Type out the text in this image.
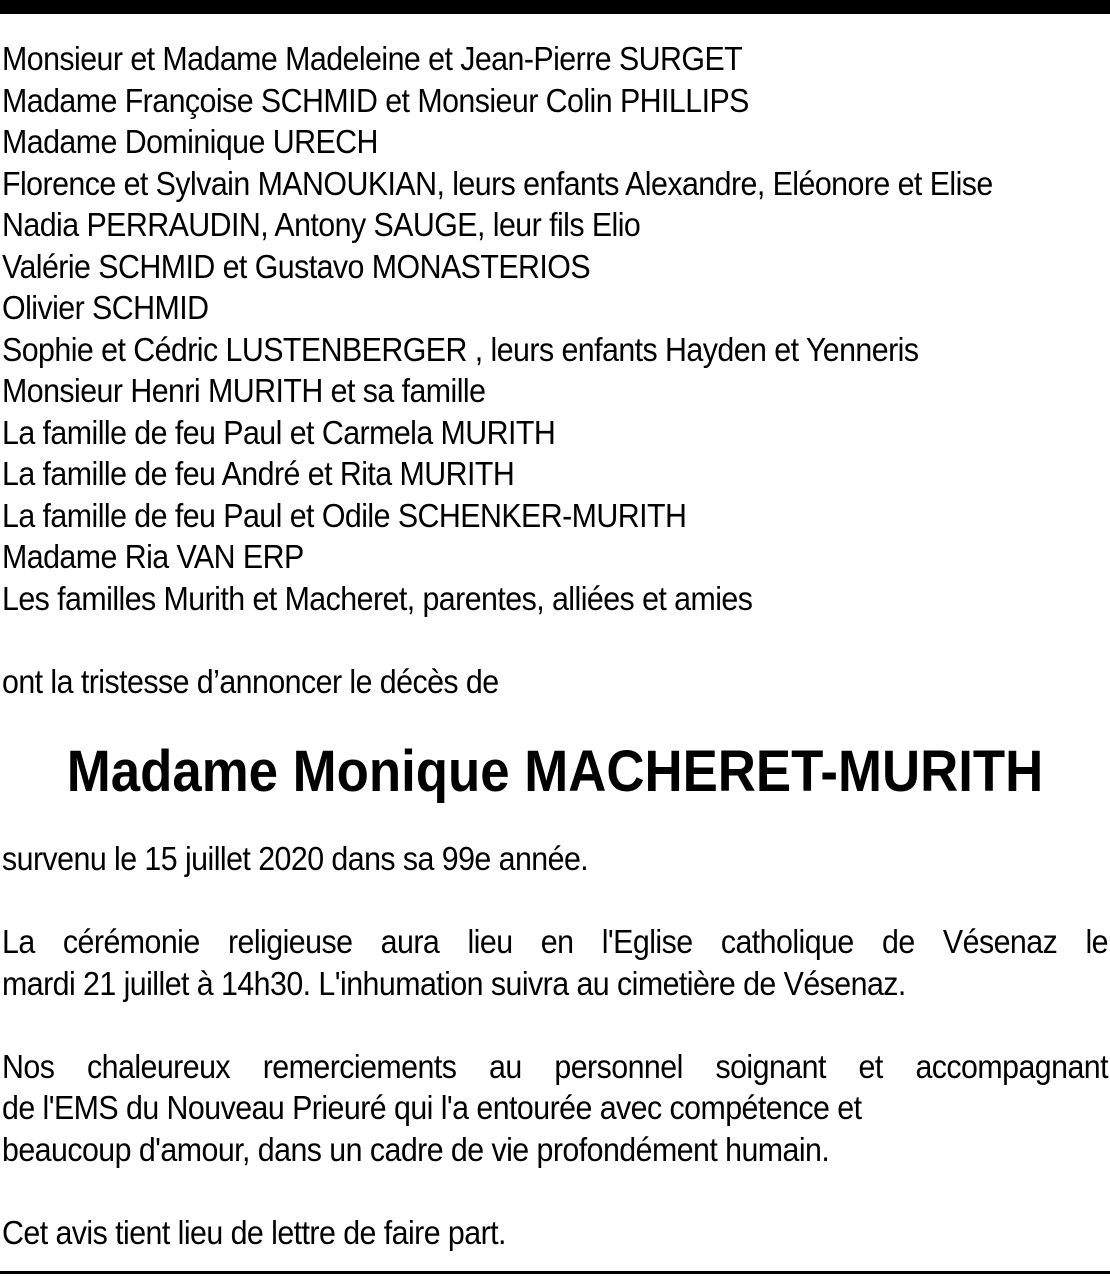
Monsieur et Madame Madeleine et Jean-Pierre SURGET
Madame Françoise SCHMID et Monsieur Colin PHILLIPS
Madame Dominique URECH
Florence et Sylvain MANOUKIAN, leurs enfants Alexandre, Eléonore et Elise
Nadia PERRAUDIN, Antony SAUGE, leur fils Elio
Valérie SCHMID et Gustavo MONASTERIOS
Olivier SCHMID
Sophie et Cédric LUSTENBERGER , leurs enfants Hayden et Yenneris
Monsieur Henri MURITH et sa famille
La famille de feu Paul et Carmela MURITH
La famille de feu André et Rita MURITH
La famille de feu Paul et Odile SCHENKER-MURITH
Madame Ria VAN ERP
Les familles Murith et Macheret, parentes, alliées et amies
ont la tristesse d’annoncer le décès de
Madame Monique MACHERET-MURITH
survenu le 15 juillet 2020 dans sa 99e année.
La cérémonie religieuse aura lieu en l'Eglise catholique de Vésenaz le
mardi 21 juillet à 14h30. L'inhumation suivra au cimetière de Vésenaz.
Nos chaleureux remerciements au personnel soignant et accompagnant
de l'EMS du Nouveau Prieuré qui l'a entourée avec compétence et
beaucoup d'amour, dans un cadre de vie profondément humain.
Cet avis tient lieu de lettre de faire part.
